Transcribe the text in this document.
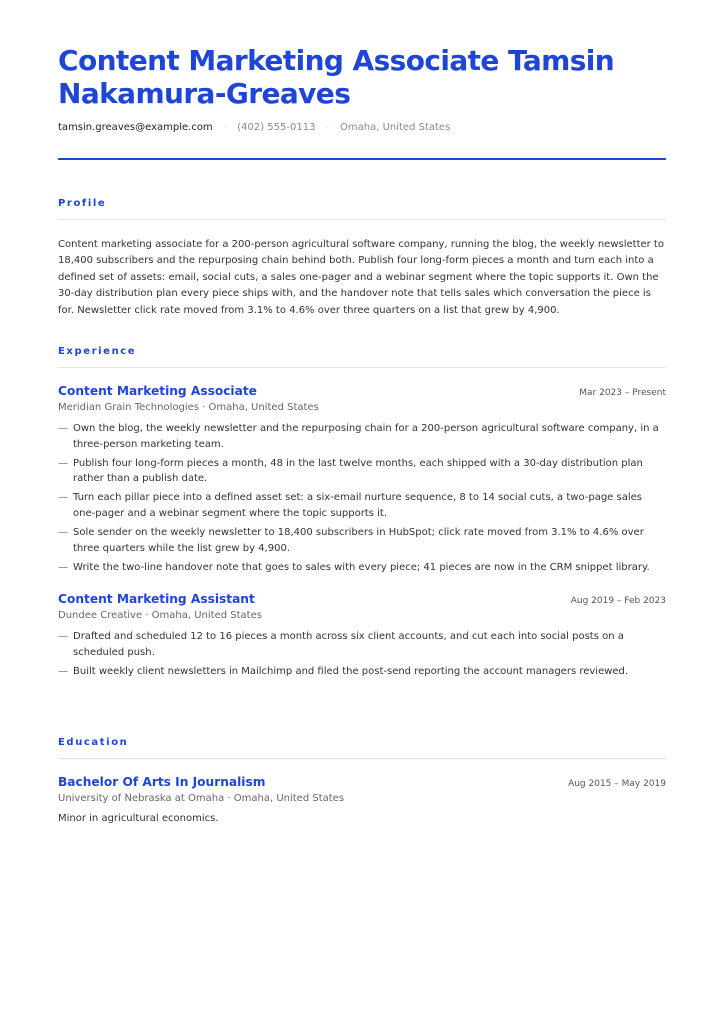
Content Marketing Associate Tamsin Nakamura-Greaves
tamsin.greaves@example.com · (402) 555-0113 · Omaha, United States
Profile
Content marketing associate for a 200-person agricultural software company, running the blog, the weekly newsletter to 18,400 subscribers and the repurposing chain behind both. Publish four long-form pieces a month and turn each into a defined set of assets: email, social cuts, a sales one-pager and a webinar segment where the topic supports it. Own the 30-day distribution plan every piece ships with, and the handover note that tells sales which conversation the piece is for. Newsletter click rate moved from 3.1% to 4.6% over three quarters on a list that grew by 4,900.
Experience
Content Marketing Associate	Mar 2023 – Present
Meridian Grain Technologies · Omaha, United States
— Own the blog, the weekly newsletter and the repurposing chain for a 200-person agricultural software company, in a three-person marketing team.
— Publish four long-form pieces a month, 48 in the last twelve months, each shipped with a 30-day distribution plan rather than a publish date.
— Turn each pillar piece into a defined asset set: a six-email nurture sequence, 8 to 14 social cuts, a two-page sales one-pager and a webinar segment where the topic supports it.
— Sole sender on the weekly newsletter to 18,400 subscribers in HubSpot; click rate moved from 3.1% to 4.6% over three quarters while the list grew by 4,900.
— Write the two-line handover note that goes to sales with every piece; 41 pieces are now in the CRM snippet library.
Content Marketing Assistant	Aug 2019 – Feb 2023
Dundee Creative · Omaha, United States
— Drafted and scheduled 12 to 16 pieces a month across six client accounts, and cut each into social posts on a scheduled push.
— Built weekly client newsletters in Mailchimp and filed the post-send reporting the account managers reviewed.
Education
Bachelor Of Arts In Journalism	Aug 2015 – May 2019
University of Nebraska at Omaha · Omaha, United States
Minor in agricultural economics.
